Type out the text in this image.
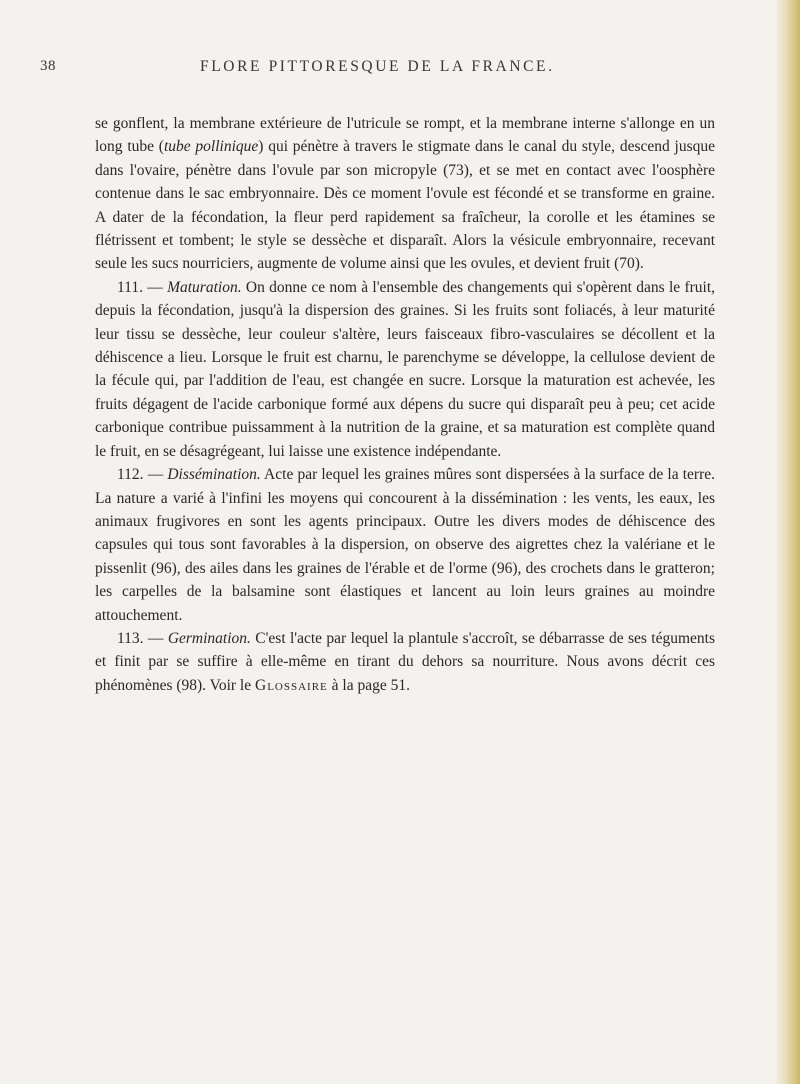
38	FLORE PITTORESQUE DE LA FRANCE.

se gonflent, la membrane extérieure de l'utricule se rompt, et la membrane interne s'allonge en un long tube (tube pollinique) qui pénètre à travers le stigmate dans le canal du style, descend jusque dans l'ovaire, pénètre dans l'ovule par son micropyle (73), et se met en contact avec l'oosphère contenue dans le sac embryonnaire. Dès ce moment l'ovule est fécondé et se transforme en graine. A dater de la fécondation, la fleur perd rapidement sa fraîcheur, la corolle et les étamines se flétrissent et tombent; le style se dessèche et disparaît. Alors la vésicule embryonnaire, recevant seule les sucs nourriciers, augmente de volume ainsi que les ovules, et devient fruit (70).

111. — Maturation. On donne ce nom à l'ensemble des changements qui s'opèrent dans le fruit, depuis la fécondation, jusqu'à la dispersion des graines. Si les fruits sont foliacés, à leur maturité leur tissu se dessèche, leur couleur s'altère, leurs faisceaux fibro-vasculaires se décollent et la déhiscence a lieu. Lorsque le fruit est charnu, le parenchyme se développe, la cellulose devient de la fécule qui, par l'addition de l'eau, est changée en sucre. Lorsque la maturation est achevée, les fruits dégagent de l'acide carbonique formé aux dépens du sucre qui disparaît peu à peu; cet acide carbonique contribue puissamment à la nutrition de la graine, et sa maturation est complète quand le fruit, en se désagrégeant, lui laisse une existence indépendante.

112. — Dissémination. Acte par lequel les graines mûres sont dispersées à la surface de la terre. La nature a varié à l'infini les moyens qui concourent à la dissémination : les vents, les eaux, les animaux frugivores en sont les agents principaux. Outre les divers modes de déhiscence des capsules qui tous sont favorables à la dispersion, on observe des aigrettes chez la valériane et le pissenlit (96), des ailes dans les graines de l'érable et de l'orme (96), des crochets dans le gratteron; les carpelles de la balsamine sont élastiques et lancent au loin leurs graines au moindre attouchement.

113. — Germination. C'est l'acte par lequel la plantule s'accroît, se débarrasse de ses téguments et finit par se suffire à elle-même en tirant du dehors sa nourriture. Nous avons décrit ces phénomènes (98). Voir le Glossaire à la page 51.
